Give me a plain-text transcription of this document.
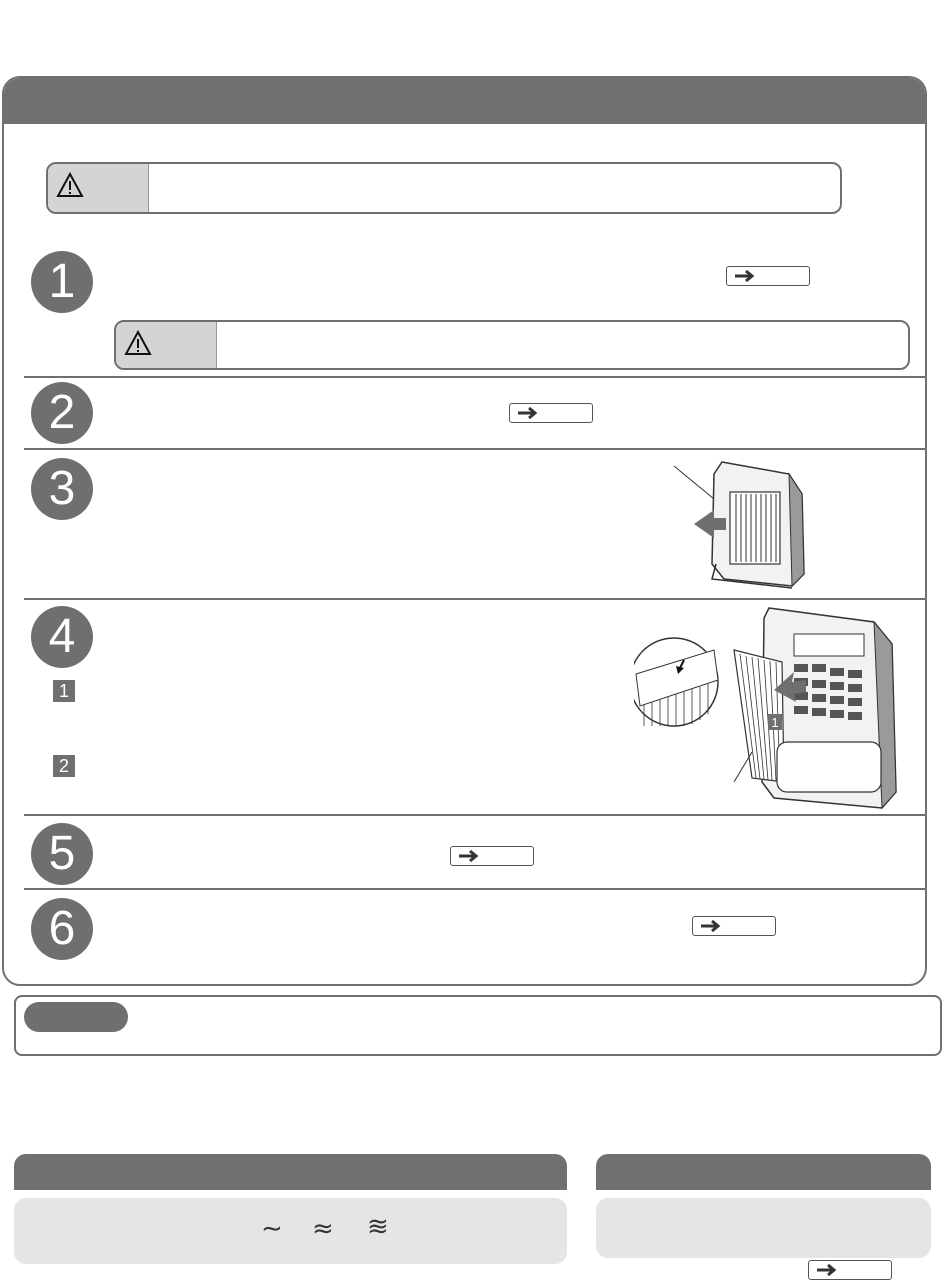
1
2
3
4
1
2
1
5
6
∼ ≈ ≋
